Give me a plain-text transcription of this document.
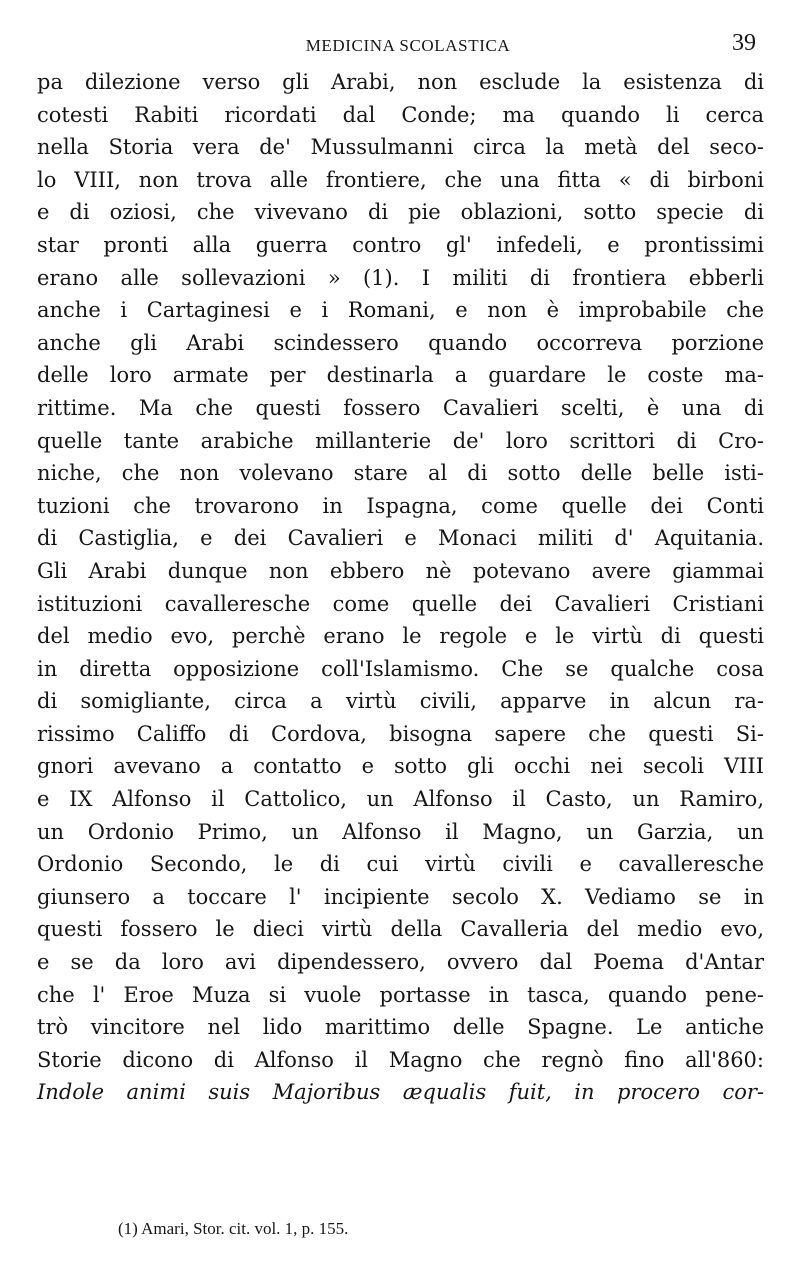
MEDICINA SCOLASTICA	39
pa dilezione verso gli Arabi, non esclude la esistenza di
cotesti Rabiti ricordati dal Conde; ma quando li cerca
nella Storia vera de' Mussulmanni circa la metà del seco-
lo VIII, non trova alle frontiere, che una fitta « di birboni
e di oziosi, che vivevano di pie oblazioni, sotto specie di
star pronti alla guerra contro gl' infedeli, e prontissimi
erano alle sollevazioni » (1). I militi di frontiera ebberli
anche i Cartaginesi e i Romani, e non è improbabile che
anche gli Arabi scindessero quando occorreva porzione
delle loro armate per destinarla a guardare le coste ma-
rittime. Ma che questi fossero Cavalieri scelti, è una di
quelle tante arabiche millanterie de' loro scrittori di Cro-
niche, che non volevano stare al di sotto delle belle isti-
tuzioni che trovarono in Ispagna, come quelle dei Conti
di Castiglia, e dei Cavalieri e Monaci militi d' Aquitania.
Gli Arabi dunque non ebbero nè potevano avere giammai
istituzioni cavalleresche come quelle dei Cavalieri Cristiani
del medio evo, perchè erano le regole e le virtù di questi
in diretta opposizione coll'Islamismo. Che se qualche cosa
di somigliante, circa a virtù civili, apparve in alcun ra-
rissimo Califfo di Cordova, bisogna sapere che questi Si-
gnori avevano a contatto e sotto gli occhi nei secoli VIII
e IX Alfonso il Cattolico, un Alfonso il Casto, un Ramiro,
un Ordonio Primo, un Alfonso il Magno, un Garzia, un
Ordonio Secondo, le di cui virtù civili e cavalleresche
giunsero a toccare l' incipiente secolo X. Vediamo se in
questi fossero le dieci virtù della Cavalleria del medio evo,
e se da loro avi dipendessero, ovvero dal Poema d'Antar
che l' Eroe Muza si vuole portasse in tasca, quando pene-
trò vincitore nel lido marittimo delle Spagne. Le antiche
Storie dicono di Alfonso il Magno che regnò fino all'860:
Indole animi suis Majoribus æqualis fuit, in procero cor-
(1) Amari, Stor. cit. vol. 1, p. 155.
